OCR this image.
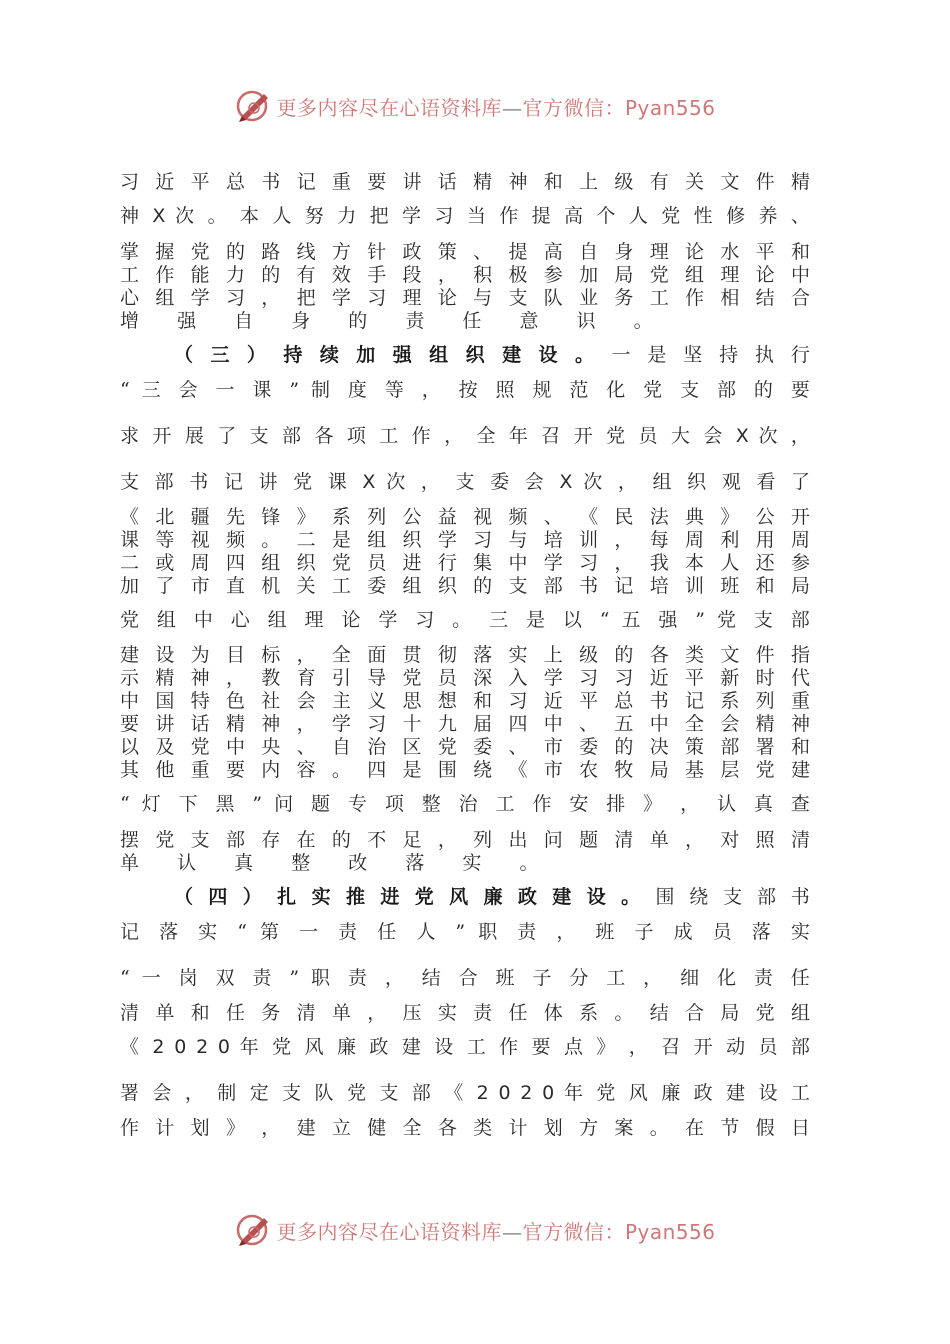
更多内容尽在心语资料库—官方微信：Pyan556
习 近 平 总 书 记 重 要 讲 话 精 神 和 上 级 有 关 文 件 精
神 X 次 。 本 人 努 力 把 学 习 当 作 提 高 个 人 党 性 修 养 、
掌 握 党 的 路 线 方 针 政 策 、 提 高 自 身 理 论 水 平 和
工 作 能 力 的 有 效 手 段 ， 积 极 参 加 局 党 组 理 论 中
心 组 学 习 ， 把 学 习 理 论 与 支 队 业 务 工 作 相 结 合
增 强 自 身 的 责 任 意 识 。
（ 三 ） 持 续 加 强 组 织 建 设 。 一 是 坚 持 执 行
“ 三 会 一 课 ” 制 度 等 ， 按 照 规 范 化 党 支 部 的 要
求 开 展 了 支 部 各 项 工 作 ， 全 年 召 开 党 员 大 会 X 次 ，
支 部 书 记 讲 党 课 X 次 ， 支 委 会 X 次 ， 组 织 观 看 了
《 北 疆 先 锋 》 系 列 公 益 视 频 、 《 民 法 典 》 公 开
课 等 视 频 。 二 是 组 织 学 习 与 培 训 ， 每 周 利 用 周
二 或 周 四 组 织 党 员 进 行 集 中 学 习 ， 我 本 人 还 参
加 了 市 直 机 关 工 委 组 织 的 支 部 书 记 培 训 班 和 局
党 组 中 心 组 理 论 学 习 。 三 是 以 “ 五 强 ” 党 支 部
建 设 为 目 标 ， 全 面 贯 彻 落 实 上 级 的 各 类 文 件 指
示 精 神 ， 教 育 引 导 党 员 深 入 学 习 习 近 平 新 时 代
中 国 特 色 社 会 主 义 思 想 和 习 近 平 总 书 记 系 列 重
要 讲 话 精 神 ， 学 习 十 九 届 四 中 、 五 中 全 会 精 神
以 及 党 中 央 、 自 治 区 党 委 、 市 委 的 决 策 部 署 和
其 他 重 要 内 容 。 四 是 围 绕 《 市 农 牧 局 基 层 党 建
“ 灯 下 黑 ” 问 题 专 项 整 治 工 作 安 排 》 ， 认 真 查
摆 党 支 部 存 在 的 不 足 ， 列 出 问 题 清 单 ， 对 照 清
单 认 真 整 改 落 实 。
（ 四 ） 扎 实 推 进 党 风 廉 政 建 设 。 围 绕 支 部 书
记 落 实 “ 第 一 责 任 人 ” 职 责 ， 班 子 成 员 落 实
“ 一 岗 双 责 ” 职 责 ， 结 合 班 子 分 工 ， 细 化 责 任
清 单 和 任 务 清 单 ， 压 实 责 任 体 系 。 结 合 局 党 组
《 2 0 2 0 年 党 风 廉 政 建 设 工 作 要 点 》 ， 召 开 动 员 部
署 会 ， 制 定 支 队 党 支 部 《 2 0 2 0 年 党 风 廉 政 建 设 工
作 计 划 》 ， 建 立 健 全 各 类 计 划 方 案 。 在 节 假 日
更多内容尽在心语资料库—官方微信：Pyan556
